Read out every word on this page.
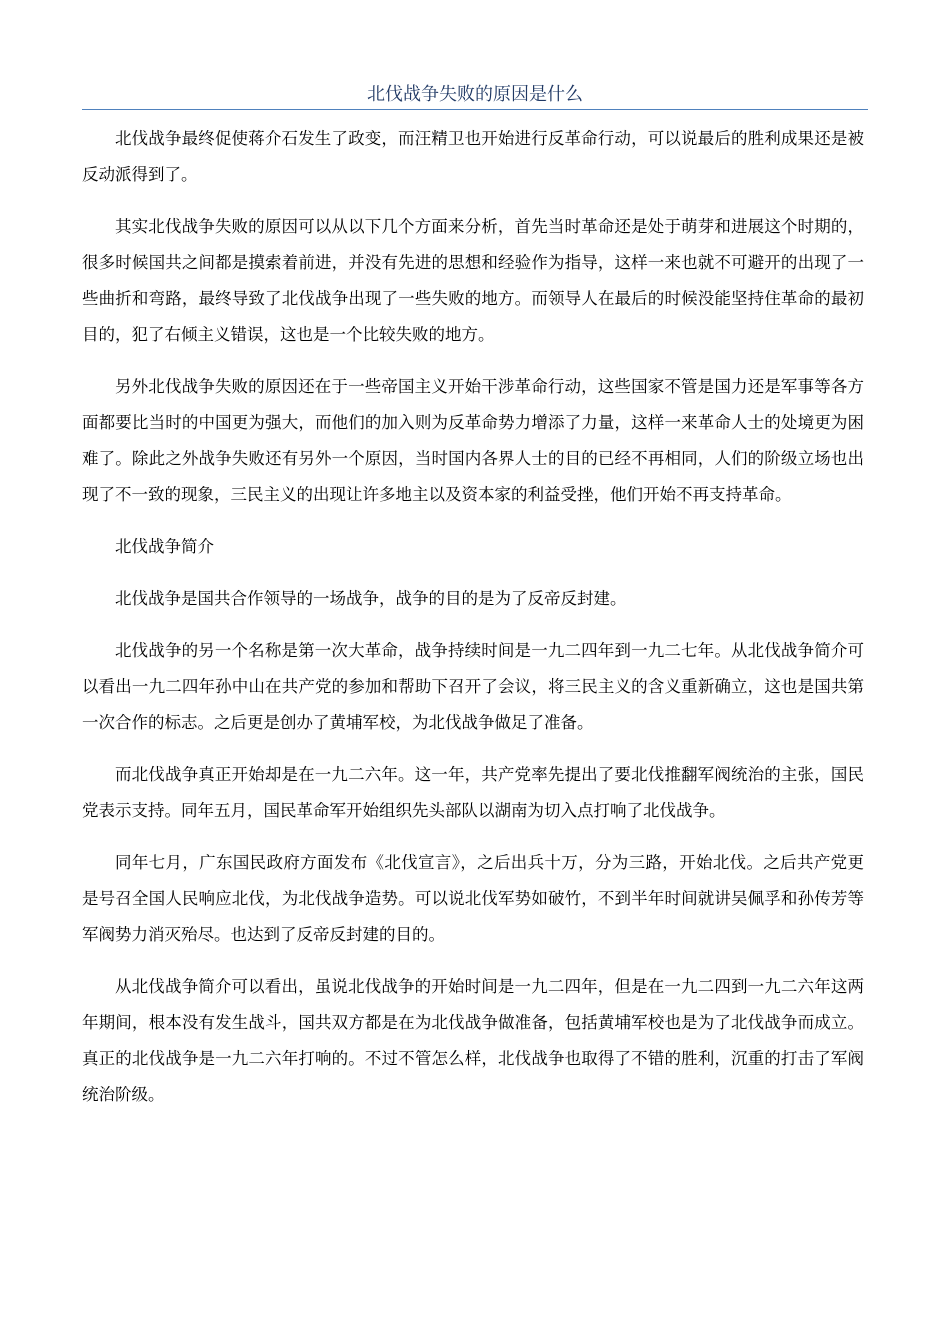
北伐战争失败的原因是什么

北伐战争最终促使蒋介石发生了政变，而汪精卫也开始进行反革命行动，可以说最后的胜利成果还是被反动派得到了。

其实北伐战争失败的原因可以从以下几个方面来分析，首先当时革命还是处于萌芽和进展这个时期的，很多时候国共之间都是摸索着前进，并没有先进的思想和经验作为指导，这样一来也就不可避开的出现了一些曲折和弯路，最终导致了北伐战争出现了一些失败的地方。而领导人在最后的时候没能坚持住革命的最初目的，犯了右倾主义错误，这也是一个比较失败的地方。

另外北伐战争失败的原因还在于一些帝国主义开始干涉革命行动，这些国家不管是国力还是军事等各方面都要比当时的中国更为强大，而他们的加入则为反革命势力增添了力量，这样一来革命人士的处境更为困难了。除此之外战争失败还有另外一个原因，当时国内各界人士的目的已经不再相同，人们的阶级立场也出现了不一致的现象，三民主义的出现让许多地主以及资本家的利益受挫，他们开始不再支持革命。

北伐战争简介

北伐战争是国共合作领导的一场战争，战争的目的是为了反帝反封建。

北伐战争的另一个名称是第一次大革命，战争持续时间是一九二四年到一九二七年。从北伐战争简介可以看出一九二四年孙中山在共产党的参加和帮助下召开了会议，将三民主义的含义重新确立，这也是国共第一次合作的标志。之后更是创办了黄埔军校，为北伐战争做足了准备。

而北伐战争真正开始却是在一九二六年。这一年，共产党率先提出了要北伐推翻军阀统治的主张，国民党表示支持。同年五月，国民革命军开始组织先头部队以湖南为切入点打响了北伐战争。

同年七月，广东国民政府方面发布《北伐宣言》，之后出兵十万，分为三路，开始北伐。之后共产党更是号召全国人民响应北伐，为北伐战争造势。可以说北伐军势如破竹，不到半年时间就讲吴佩孚和孙传芳等军阀势力消灭殆尽。也达到了反帝反封建的目的。

从北伐战争简介可以看出，虽说北伐战争的开始时间是一九二四年，但是在一九二四到一九二六年这两年期间，根本没有发生战斗，国共双方都是在为北伐战争做准备，包括黄埔军校也是为了北伐战争而成立。真正的北伐战争是一九二六年打响的。不过不管怎么样，北伐战争也取得了不错的胜利，沉重的打击了军阀统治阶级。
